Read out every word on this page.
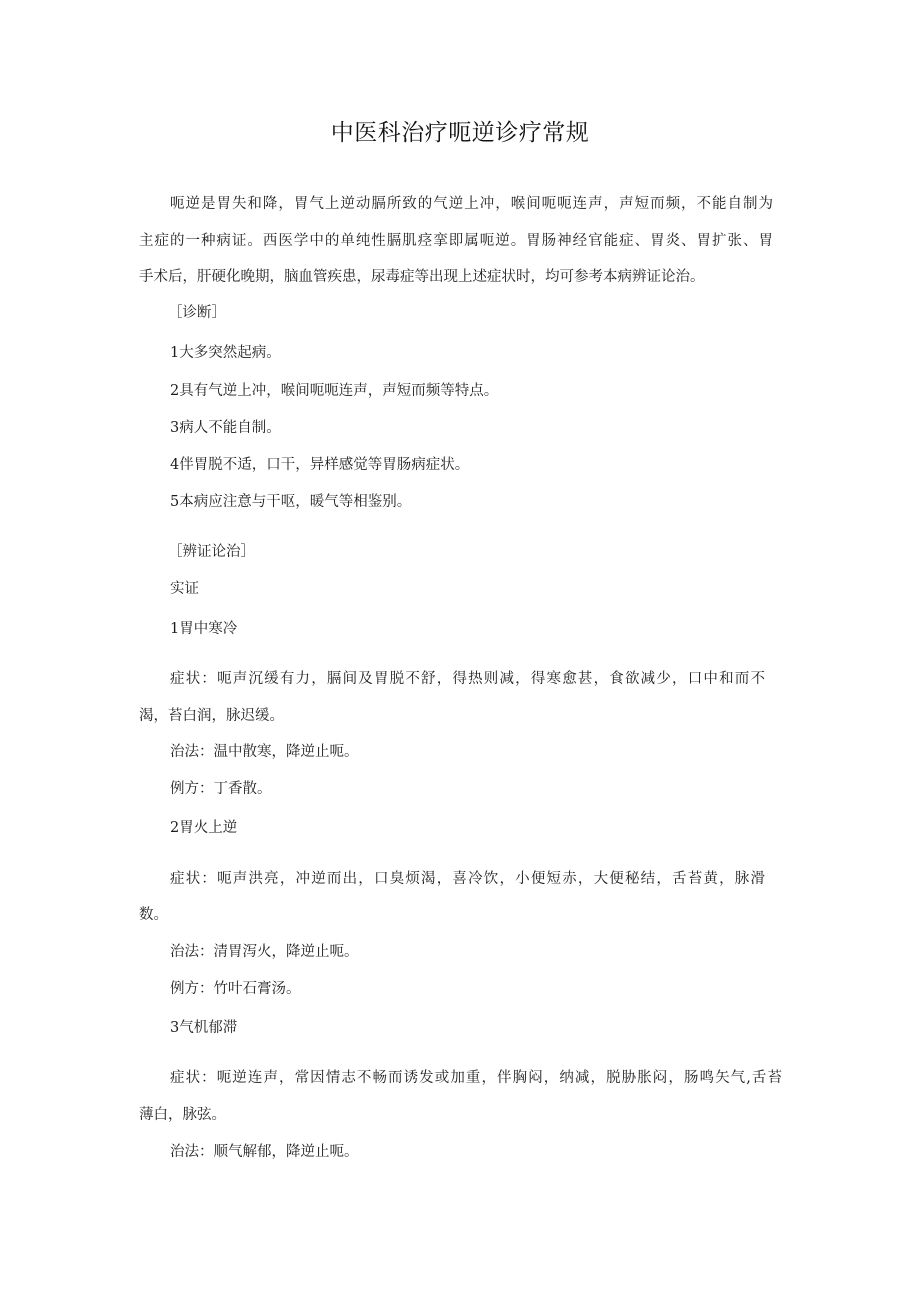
中医科治疗呃逆诊疗常规
呃逆是胃失和降，胃气上逆动膈所致的气逆上冲，喉间呃呃连声，声短而频，不能自制为
主症的一种病证。西医学中的单纯性膈肌痉挛即属呃逆。胃肠神经官能症、胃炎、胃扩张、胃
手术后，肝硬化晚期，脑血管疾患，尿毒症等出现上述症状时，均可参考本病辨证论治。
［诊断］
1大多突然起病。
2具有气逆上冲，喉间呃呃连声，声短而频等特点。
3病人不能自制。
4伴胃脱不适，口干，异样感觉等胃肠病症状。
5本病应注意与干呕，暖气等相鉴别。
［辨证论治］
实证
1胃中寒冷
症状：呃声沉缓有力，膈间及胃脱不舒，得热则减，得寒愈甚，食欲减少，口中和而不
渴，苔白润，脉迟缓。
治法：温中散寒，降逆止呃。
例方：丁香散。
2胃火上逆
症状：呃声洪亮，冲逆而出，口臭烦渴，喜冷饮，小便短赤，大便秘结，舌苔黄，脉滑
数。
治法：清胃泻火，降逆止呃。
例方：竹叶石膏汤。
3气机郁滞
症状：呃逆连声，常因情志不畅而诱发或加重，伴胸闷，纳减，脱胁胀闷，肠鸣矢气,舌苔
薄白，脉弦。
治法：顺气解郁，降逆止呃。
